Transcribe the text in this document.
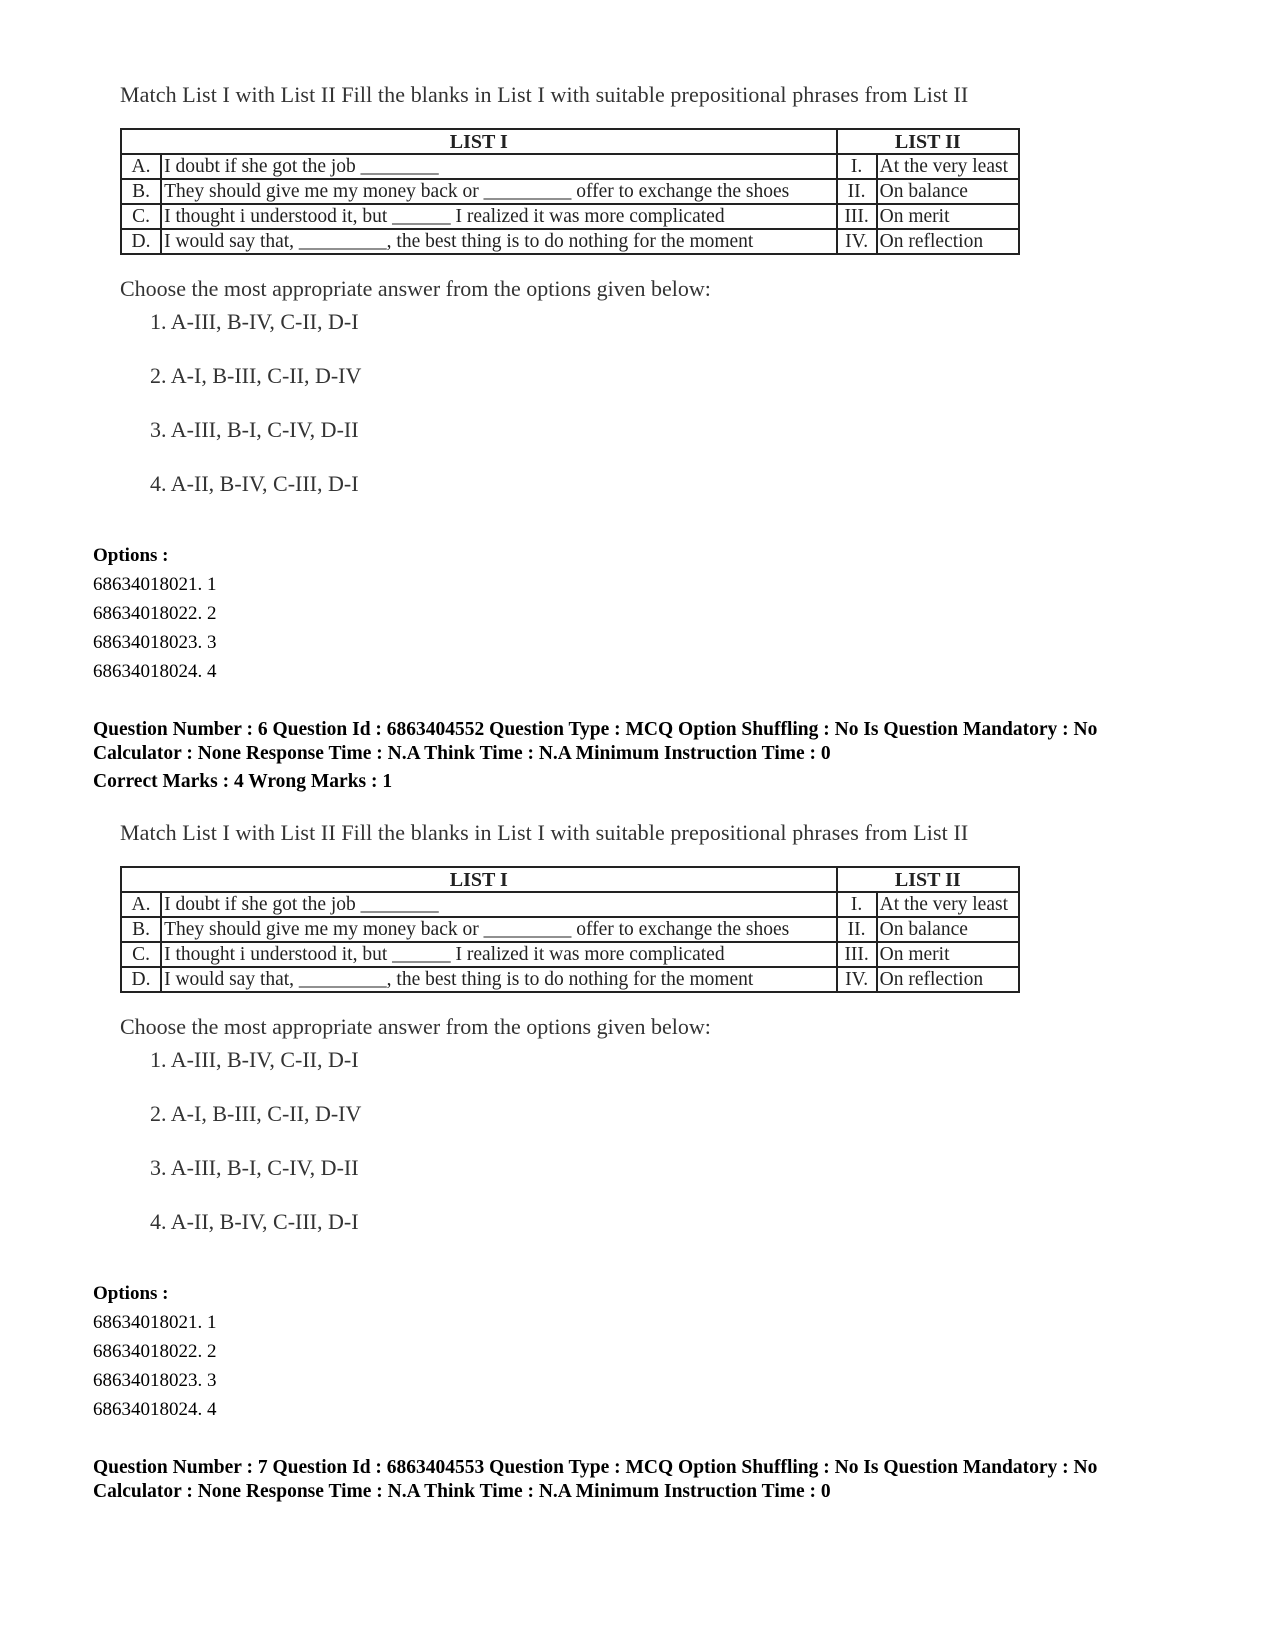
Match List I with List II Fill the blanks in List I with suitable prepositional phrases from List II
LIST I		LIST II	
A.	I doubt if she got the job ________	I.	At the very least
B.	They should give me my money back or _________ offer to exchange the shoes	II.	On balance
C.	I thought i understood it, but ______ I realized it was more complicated	III.	On merit
D.	I would say that, _________, the best thing is to do nothing for the moment	IV.	On reflection
Choose the most appropriate answer from the options given below:
1. A-III, B-IV, C-II, D-I
2. A-I, B-III, C-II, D-IV
3. A-III, B-I, C-IV, D-II
4. A-II, B-IV, C-III, D-I
Options :
68634018021. 1
68634018022. 2
68634018023. 3
68634018024. 4
Question Number : 6 Question Id : 6863404552 Question Type : MCQ Option Shuffling : No Is Question Mandatory : No
Calculator : None Response Time : N.A Think Time : N.A Minimum Instruction Time : 0
Correct Marks : 4 Wrong Marks : 1
Match List I with List II Fill the blanks in List I with suitable prepositional phrases from List II
LIST I		LIST II	
A.	I doubt if she got the job ________	I.	At the very least
B.	They should give me my money back or _________ offer to exchange the shoes	II.	On balance
C.	I thought i understood it, but ______ I realized it was more complicated	III.	On merit
D.	I would say that, _________, the best thing is to do nothing for the moment	IV.	On reflection
Choose the most appropriate answer from the options given below:
1. A-III, B-IV, C-II, D-I
2. A-I, B-III, C-II, D-IV
3. A-III, B-I, C-IV, D-II
4. A-II, B-IV, C-III, D-I
Options :
68634018021. 1
68634018022. 2
68634018023. 3
68634018024. 4
Question Number : 7 Question Id : 6863404553 Question Type : MCQ Option Shuffling : No Is Question Mandatory : No
Calculator : None Response Time : N.A Think Time : N.A Minimum Instruction Time : 0
